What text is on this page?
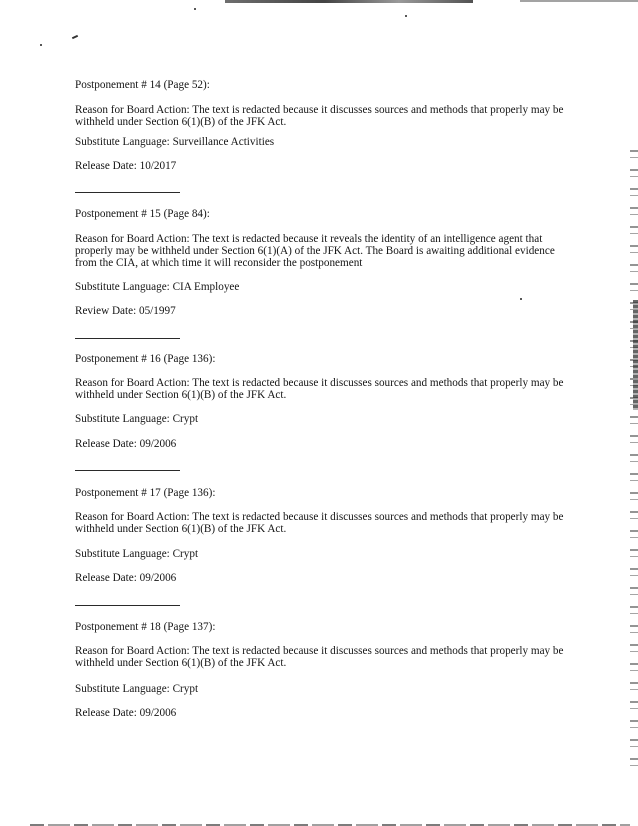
Postponement # 14 (Page 52):

Reason for Board Action: The text is redacted because it discusses sources and methods that properly may be withheld under Section 6(1)(B) of the JFK Act.

Substitute Language: Surveillance Activities
Release Date: 10/2017
Postponement # 15 (Page 84):

Reason for Board Action: The text is redacted because it reveals the identity of an intelligence agent that properly may be withheld under Section 6(1)(A) of the JFK Act. The Board is awaiting additional evidence from the CIA, at which time it will reconsider the postponement

Substitute Language: CIA Employee
Review Date: 05/1997
Postponement # 16 (Page 136):

Reason for Board Action: The text is redacted because it discusses sources and methods that properly may be withheld under Section 6(1)(B) of the JFK Act.

Substitute Language: Crypt
Release Date: 09/2006
Postponement # 17 (Page 136):

Reason for Board Action: The text is redacted because it discusses sources and methods that properly may be withheld under Section 6(1)(B) of the JFK Act.

Substitute Language: Crypt
Release Date: 09/2006
Postponement # 18 (Page 137):

Reason for Board Action: The text is redacted because it discusses sources and methods that properly may be withheld under Section 6(1)(B) of the JFK Act.

Substitute Language: Crypt
Release Date: 09/2006
